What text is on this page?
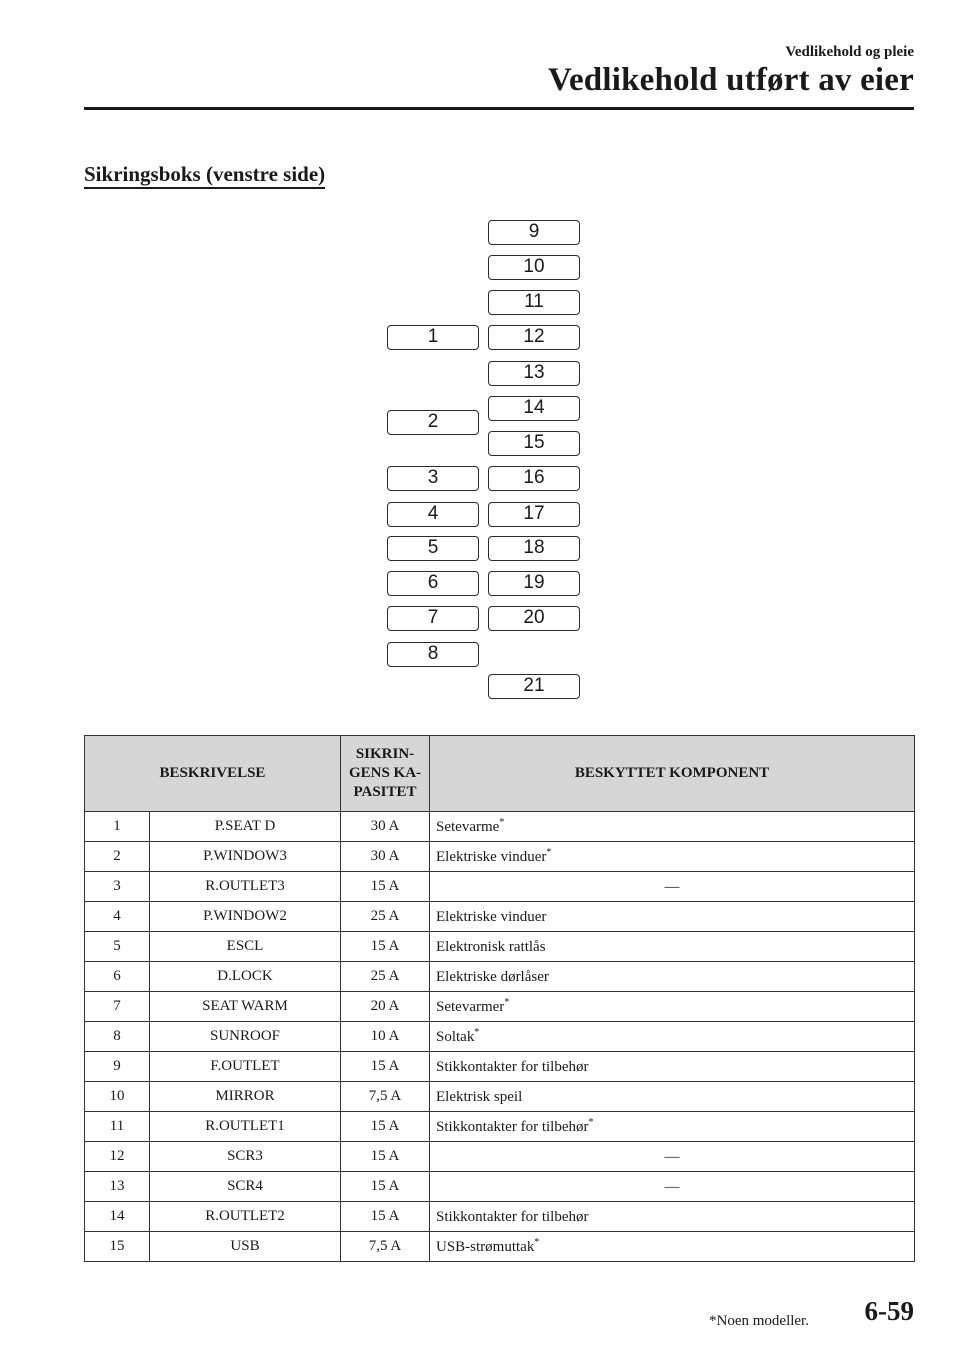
Vedlikehold og pleie
Vedlikehold utført av eier
Sikringsboks (venstre side)
9
10
11
1	12
13
14
2
15
3	16
4	17
5	18
6	19
7	20
8
21
BESKRIVELSE		SIKRIN-
GENS KA-
PASITET	BESKYTTET KOMPONENT
1	P.SEAT D	30 A	Setevarme*
2	P.WINDOW3	30 A	Elektriske vinduer*
3	R.OUTLET3	15 A	―
4	P.WINDOW2	25 A	Elektriske vinduer
5	ESCL	15 A	Elektronisk rattlås
6	D.LOCK	25 A	Elektriske dørlåser
7	SEAT WARM	20 A	Setevarmer*
8	SUNROOF	10 A	Soltak*
9	F.OUTLET	15 A	Stikkontakter for tilbehør
10	MIRROR	7,5 A	Elektrisk speil
11	R.OUTLET1	15 A	Stikkontakter for tilbehør*
12	SCR3	15 A	―
13	SCR4	15 A	―
14	R.OUTLET2	15 A	Stikkontakter for tilbehør
15	USB	7,5 A	USB-strømuttak*
*Noen modeller. 6-59
